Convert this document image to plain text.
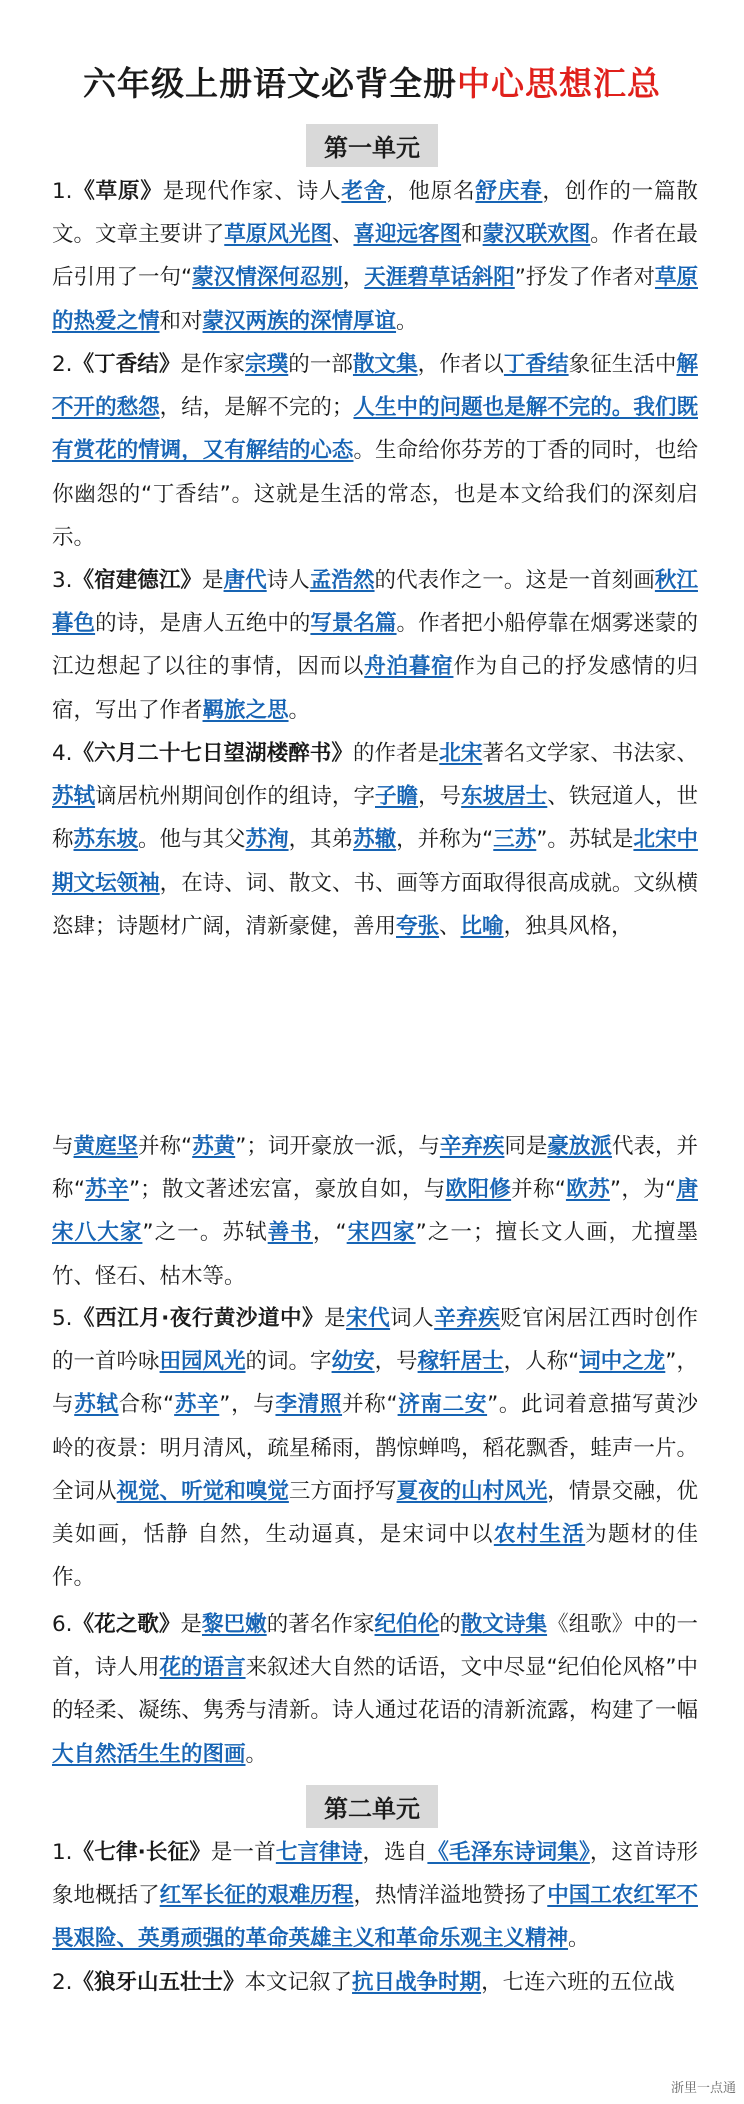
六年级上册语文必背全册中心思想汇总
第一单元

1.《草原》是现代作家、诗人老舍，他原名舒庆春，创作的一篇散文。文章主要讲了草原风光图、喜迎远客图和蒙汉联欢图。作者在最后引用了一句“蒙汉情深何忍别，天涯碧草话斜阳”抒发了作者对草原的热爱之情和对蒙汉两族的深情厚谊。

2.《丁香结》是作家宗璞的一部散文集，作者以丁香结象征生活中解不开的愁怨，结，是解不完的；人生中的问题也是解不完的。我们既有赏花的情调，又有解结的心态。生命给你芬芳的丁香的同时，也给你幽怨的“丁香结”。这就是生活的常态，也是本文给我们的深刻启示。

3.《宿建德江》是唐代诗人孟浩然的代表作之一。这是一首刻画秋江暮色的诗，是唐人五绝中的写景名篇。作者把小船停靠在烟雾迷蒙的江边想起了以往的事情，因而以舟泊暮宿作为自己的抒发感情的归宿，写出了作者羁旅之思。

4.《六月二十七日望湖楼醉书》的作者是北宋著名文学家、书法家、苏轼谪居杭州期间创作的组诗，字子瞻，号东坡居士、铁冠道人，世称苏东坡。他与其父苏洵，其弟苏辙，并称为“三苏”。苏轼是北宋中期文坛领袖，在诗、词、散文、书、画等方面取得很高成就。文纵横恣肆；诗题材广阔，清新豪健，善用夸张、比喻，独具风格，

与黄庭坚并称“苏黄”；词开豪放一派，与辛弃疾同是豪放派代表，并称“苏辛”；散文著述宏富，豪放自如，与欧阳修并称“欧苏”，为“唐宋八大家”之一。苏轼善书，“宋四家”之一；擅长文人画，尤擅墨竹、怪石、枯木等。

5.《西江月·夜行黄沙道中》是宋代词人辛弃疾贬官闲居江西时创作的一首吟咏田园风光的词。字幼安，号稼轩居士，人称“词中之龙”，与苏轼合称“苏辛”，与李清照并称“济南二安”。此词着意描写黄沙岭的夜景：明月清风，疏星稀雨，鹊惊蝉鸣，稻花飘香，蛙声一片。全词从视觉、听觉和嗅觉三方面抒写夏夜的山村风光，情景交融，优美如画，恬静 自然，生动逼真，是宋词中以农村生活为题材的佳作。

6.《花之歌》是黎巴嫩的著名作家纪伯伦的散文诗集《组歌》中的一首，诗人用花的语言来叙述大自然的话语，文中尽显“纪伯伦风格”中的轻柔、凝练、隽秀与清新。诗人通过花语的清新流露，构建了一幅大自然活生生的图画。

第二单元

1.《七律·长征》是一首七言律诗，选自《毛泽东诗词集》，这首诗形象地概括了红军长征的艰难历程，热情洋溢地赞扬了中国工农红军不畏艰险、英勇顽强的革命英雄主义和革命乐观主义精神。

2.《狼牙山五壮士》本文记叙了抗日战争时期，七连六班的五位战

浙里一点通
